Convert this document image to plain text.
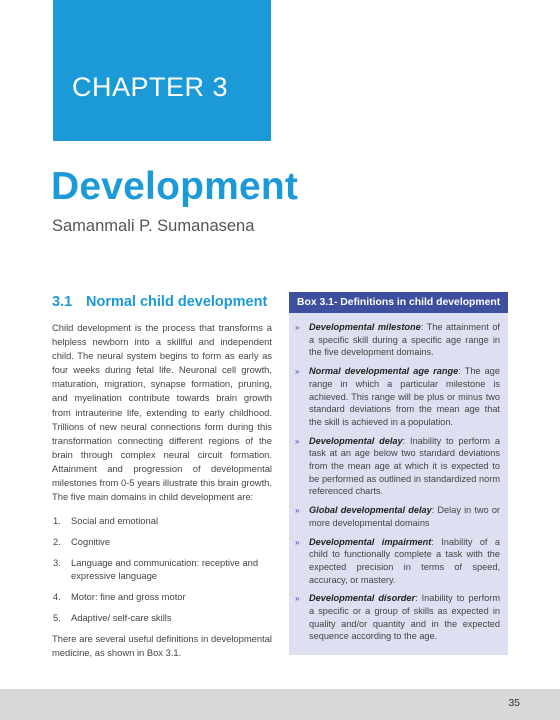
CHAPTER 3
Development
Samanmali P. Sumanasena
3.1 Normal child development

Child development is the process that transforms a helpless newborn into a skillful and independent child. The neural system begins to form as early as four weeks during fetal life. Neuronal cell growth, maturation, migration, synapse formation, pruning, and myelination contribute towards brain growth from intrauterine life, extending to early childhood. Trillions of new neural connections form during this transformation connecting different regions of the brain through complex neural circuit formation. Attainment and progression of developmental milestones from 0-5 years illustrate this brain growth. The five main domains in child development are:

1.	Social and emotional
2.	Cognitive
3.	Language and communication: receptive and expressive language
4.	Motor: fine and gross motor
5.	Adaptive/ self-care skills

There are several useful definitions in developmental medicine, as shown in Box 3.1.

Box 3.1- Definitions in child development
»	Developmental milestone: The attainment of a specific skill during a specific age range in the five development domains.
»	Normal developmental age range: The age range in which a particular milestone is achieved. This range will be plus or minus two standard deviations from the mean age that the skill is achieved in a population.
»	Developmental delay: Inability to perform a task at an age below two standard deviations from the mean age at which it is expected to be performed as outlined in standardized norm referenced charts.
»	Global developmental delay: Delay in two or more developmental domains
»	Developmental impairment: Inability of a child to functionally complete a task with the expected precision in terms of speed, accuracy, or mastery.
»	Developmental disorder: Inability to perform a specific or a group of skills as expected in quality and/or quantity and in the expected sequence according to the age.
35
